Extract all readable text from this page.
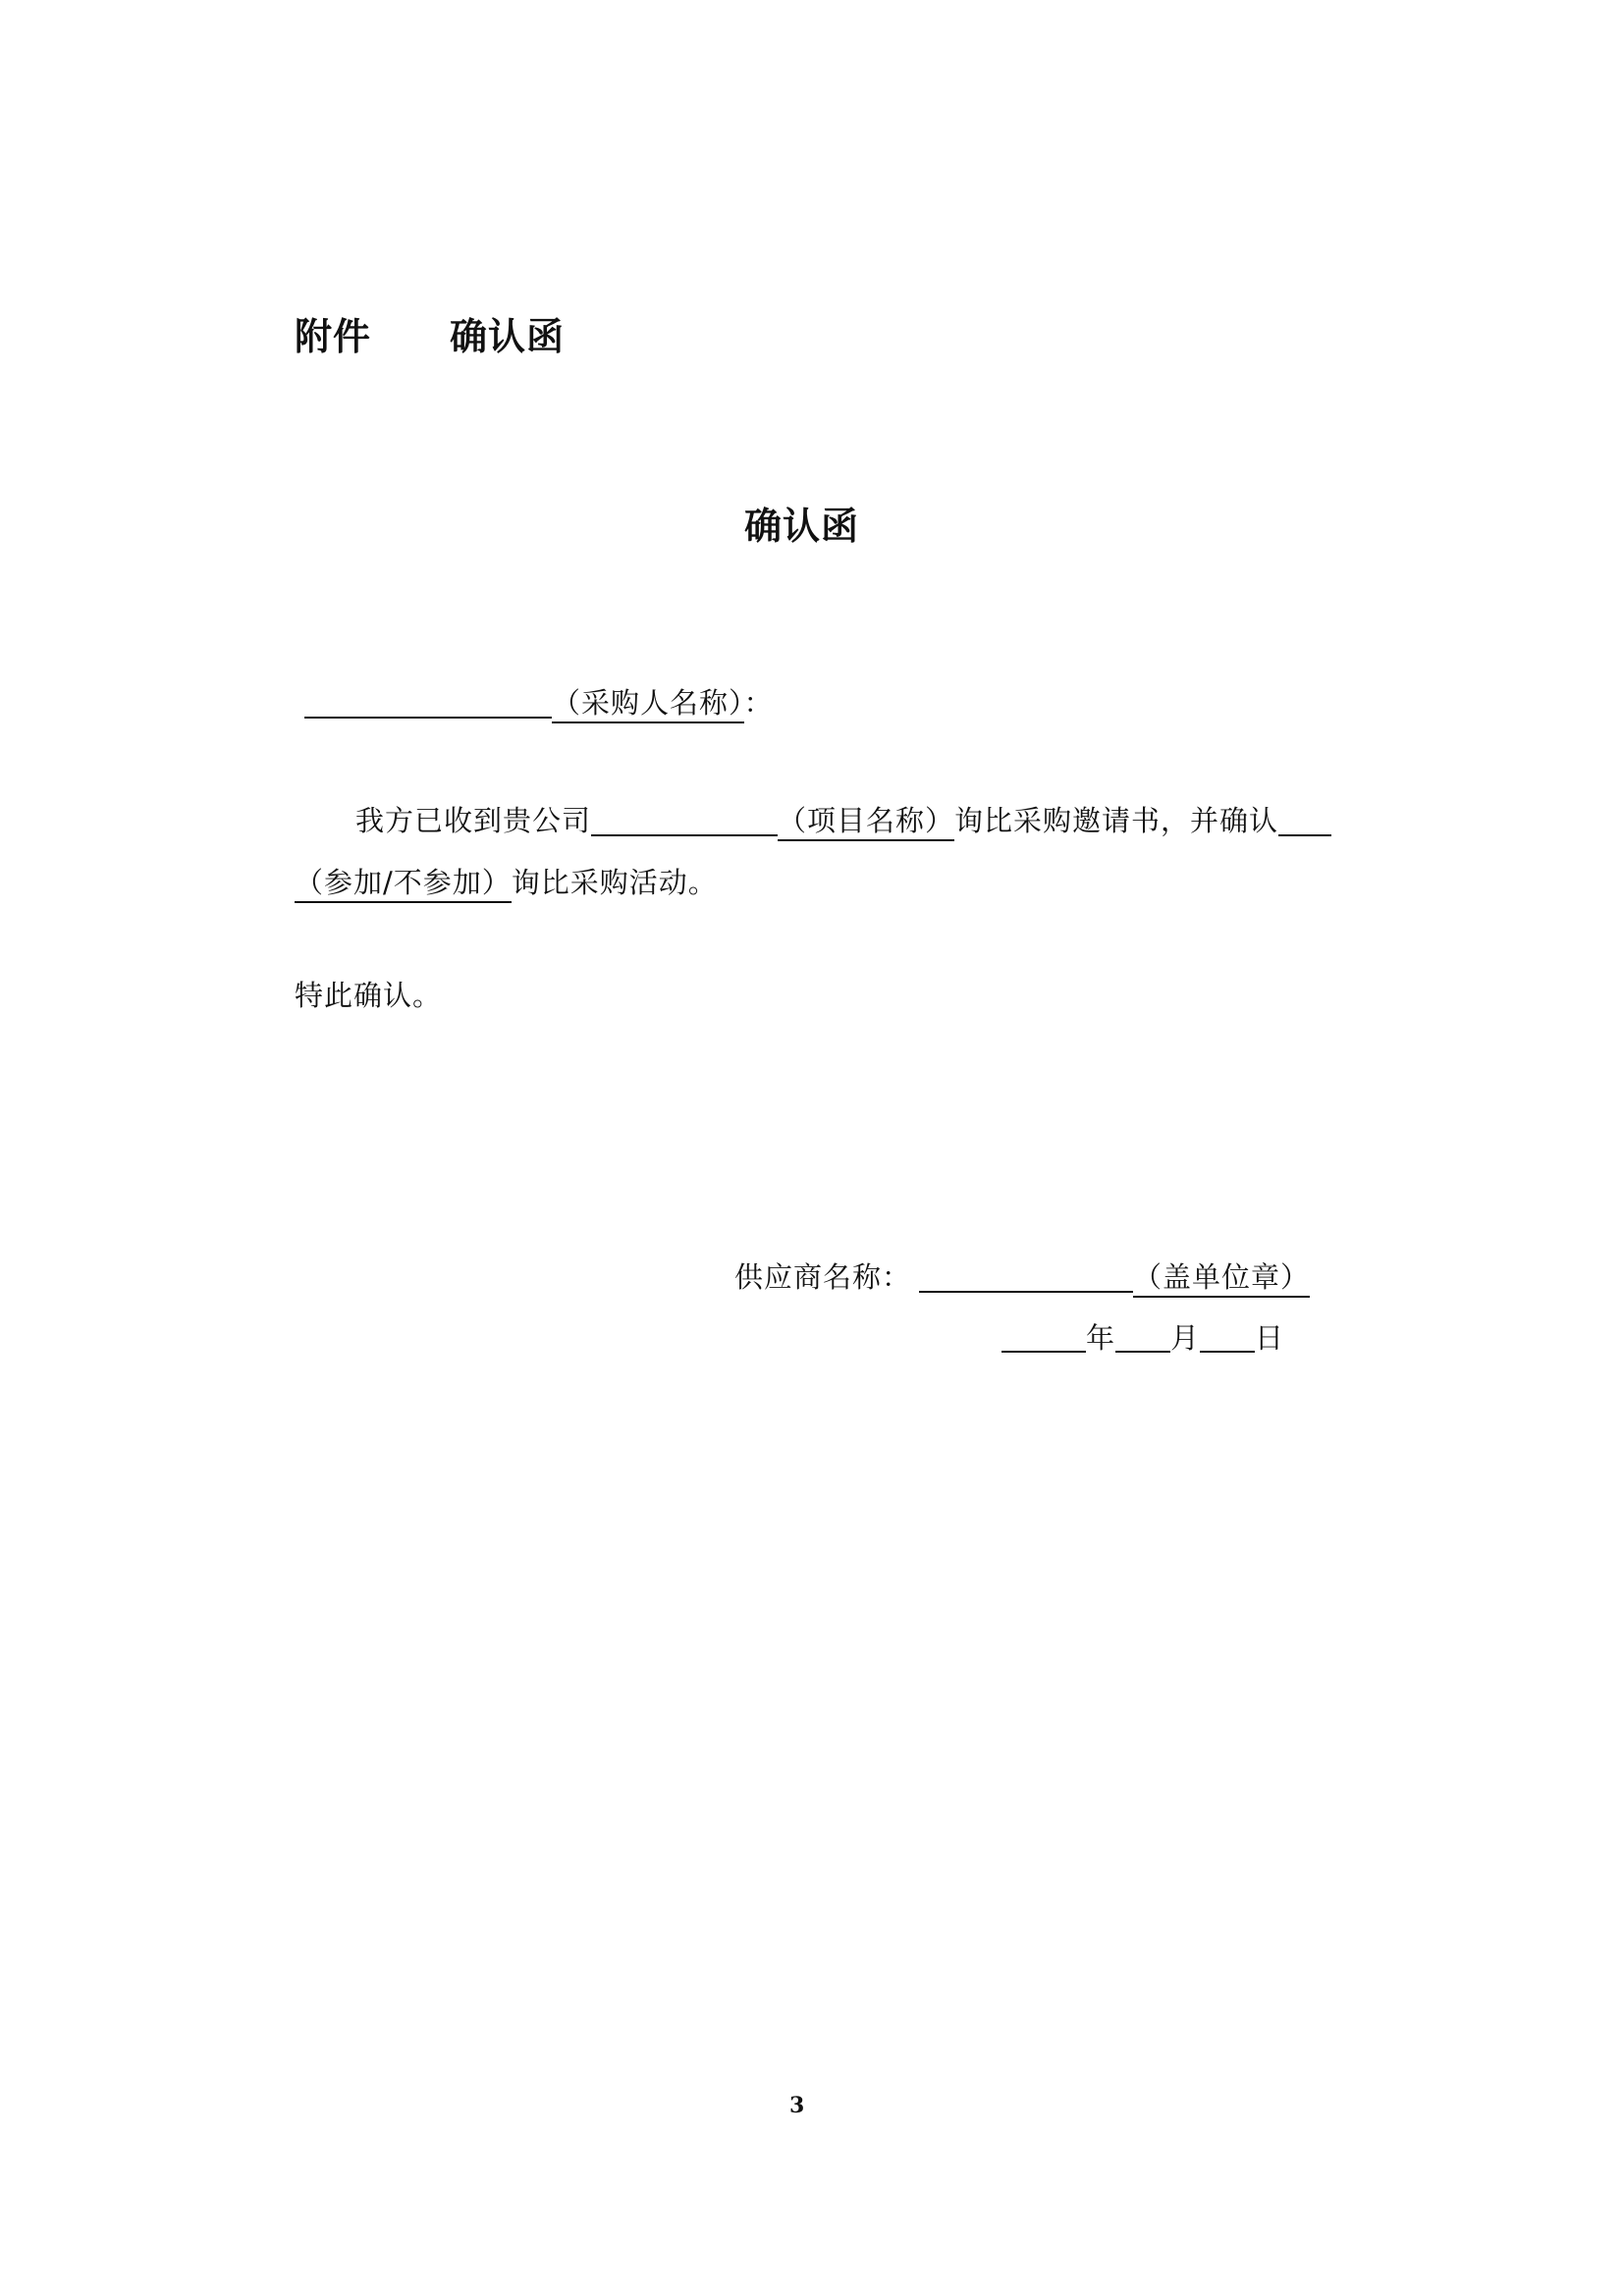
附件 确认函
确认函
（采购人名称）：
我方已收到贵公司	（项目名称）询比采购邀请书，并确认
（参加/不参加）询比采购活动。
特此确认。
供应商名称：	（盖单位章）
年 月 日
3
